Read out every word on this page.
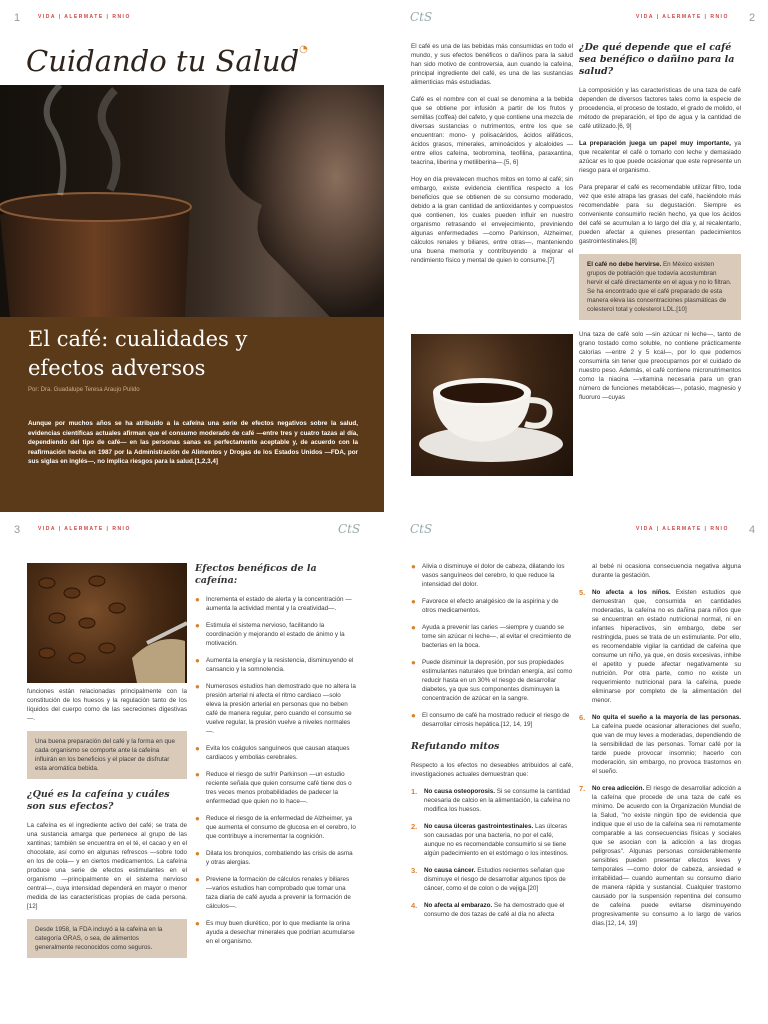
1	VIDA | ALERMATE | RNIO
Cuidando tu Salud◔
El café: cualidades y efectos adversos
Por: Dra. Guadalupe Teresa Araujo Pulido
Aunque por muchos años se ha atribuido a la cafeína una serie de efectos negativos sobre la salud, evidencias científicas actuales afirman que el consumo moderado de café —entre tres y cuatro tazas al día, dependiendo del tipo de café— en las personas sanas es perfectamente aceptable y, de acuerdo con la reafirmación hecha en 1987 por la Administración de Alimentos y Drogas de los Estados Unidos —FDA, por sus siglas en inglés—, no implica riesgos para la salud.[1,2,3,4]
CtS	VIDA | ALERMATE | RNIO 2

El café es una de las bebidas más consumidas en todo el mundo, y sus efectos benéficos o dañinos para la salud han sido motivo de controversia, aun cuando la cafeína, principal ingrediente del café, es una de las sustancias alimenticias más estudiadas.

Café es el nombre con el cual se denomina a la bebida que se obtiene por infusión a partir de los frutos y semillas (coffea) del cafeto, y que contiene una mezcla de diversas sustancias o nutrimentos, entre los que se encuentran: mono- y polisacáridos, ácidos alifáticos, ácidos grasos, minerales, aminoácidos y alcaloides —entre ellos cafeína, teobromina, teofilina, paraxantina, teacrina, liberina y metiliberina—.[5, 6]

Hoy en día prevalecen muchos mitos en torno al café; sin embargo, existe evidencia científica respecto a los beneficios que se obtienen de su consumo moderado, debido a la gran cantidad de antioxidantes y compuestos que contienen, los cuales pueden influir en nuestro organismo retrasando el envejecimiento, previniendo algunas enfermedades —como Parkinson, Alzheimer, cálculos renales y biliares, entre otras—, manteniendo una buena memoria y contribuyendo a mejorar el rendimiento físico y mental de quien lo consume.[7]

¿De qué depende que el café sea benéfico o dañino para la salud?

La composición y las características de una taza de café dependen de diversos factores tales como la especie de procedencia, el proceso de tostado, el grado de molido, el método de preparación, el tipo de agua y la cantidad de café utilizado.[6, 9]

La preparación juega un papel muy importante, ya que recalentar el café o tomarlo con leche y demasiado azúcar es lo que puede ocasionar que este represente un riesgo para el organismo.

Para preparar el café es recomendable utilizar filtro, toda vez que este atrapa las grasas del café, haciéndolo más recomendable para su degustación. Siempre es conveniente consumirlo recién hecho, ya que los ácidos del café se acumulan a lo largo del día y, al recalentarlo, pueden afectar a quienes presentan padecimientos gastrointestinales.[8]

El café no debe hervirse. En México existen grupos de población que todavía acostumbran hervir el café directamente en el agua y no lo filtran. Se ha encontrado que el café preparado de esta manera eleva las concentraciones plasmáticas de colesterol total y colesterol LDL.[10]

Una taza de café solo —sin azúcar ni leche—, tanto de grano tostado como soluble, no contiene prácticamente calorías —entre 2 y 5 kcal—, por lo que podemos consumirla sin tener que preocuparnos por el cuidado de nuestro peso. Además, el café contiene micronutrimentos como la niacina —vitamina necesaria para un gran número de funciones metabólicas—, potasio, magnesio y fluoruro —cuyas

3	VIDA | ALERMATE | RNIO	CtS

funciones están relacionadas principalmente con la constitución de los huesos y la regulación tanto de los líquidos del cuerpo como de las secreciones digestivas—.

Una buena preparación del café y la forma en que cada organismo se comporte ante la cafeína influirán en los beneficios y el placer de disfrutar esta aromática bebida.
¿Qué es la cafeína y cuáles son sus efectos?

La cafeína es el ingrediente activo del café; se trata de una sustancia amarga que pertenece al grupo de las xantinas; también se encuentra en el té, el cacao y en el chocolate, así como en algunas refrescos —sobre todo en los de cola— y en ciertos medicamentos. La cafeína produce una serie de efectos estimulantes en el organismo —principalmente en el sistema nervioso central—, cuya intensidad dependerá en mayor o menor medida de las características propias de cada persona.[12]

Desde 1958, la FDA incluyó a la cafeína en la categoría GRAS, o sea, de alimentos generalmente reconocidos como seguros.
Efectos benéficos de la cafeína:
● Incrementa el estado de alerta y la concentración —aumenta la actividad mental y la creatividad—.
● Estimula el sistema nervioso, facilitando la coordinación y mejorando el estado de ánimo y la motivación.
● Aumenta la energía y la resistencia, disminuyendo el cansancio y la somnolencia.
● Numerosos estudios han demostrado que no altera la presión arterial ni afecta el ritmo cardiaco —solo eleva la presión arterial en personas que no beben café de manera regular, pero cuando el consumo se vuelve regular, la presión vuelve a niveles normales—.
● Evita los coágulos sanguíneos que causan ataques cardiacos y embolias cerebrales.
● Reduce el riesgo de sufrir Parkinson —un estudio reciente señala que quien consume café tiene dos o tres veces menos probabilidades de padecer la enfermedad que quien no lo hace—.
● Reduce el riesgo de la enfermedad de Alzheimer, ya que aumenta el consumo de glucosa en el cerebro, lo que contribuye a incrementar la cognición.
● Dilata los bronquios, combatiendo las crisis de asma y otras alergias.
● Previene la formación de cálculos renales y biliares —varios estudios han comprobado que tomar una taza diaria de café ayuda a prevenir la formación de cálculos—.
● Es muy buen diurético, por lo que mediante la orina ayuda a desechar minerales que podrían acumularse en el organismo.
CtS	VIDA | ALERMATE | RNIO 4
● Alivia o disminuye el dolor de cabeza, dilatando los vasos sanguíneos del cerebro, lo que reduce la intensidad del dolor.
● Favorece el efecto analgésico de la aspirina y de otros medicamentos.
● Ayuda a prevenir las caries —siempre y cuando se tome sin azúcar ni leche—, al evitar el crecimiento de bacterias en la boca.
● Puede disminuir la depresión, por sus propiedades estimulantes naturales que brindan energía, así como reducir hasta en un 30% el riesgo de desarrollar diabetes, ya que sus componentes disminuyen la concentración de azúcar en la sangre.
● El consumo de café ha mostrado reducir el riesgo de desarrollar cirrosis hepática.[12, 14, 19]
Refutando mitos

Respecto a los efectos no deseables atribuidos al café, investigaciones actuales demuestran que:

1.	No causa osteoporosis. Si se consume la cantidad necesaria de calcio en la alimentación, la cafeína no modifica los huesos.
2.	No causa úlceras gastrointestinales. Las úlceras son causadas por una bacteria, no por el café, aunque no es recomendable consumirlo si se tiene algún padecimiento en el estómago o los intestinos.
3.	No causa cáncer. Estudios recientes señalan que disminuye el riesgo de desarrollar algunos tipos de cáncer, como el de colon o de vejiga.[20]
4.	No afecta al embarazo. Se ha demostrado que el consumo de dos tazas de café al día no afecta

al bebé ni ocasiona consecuencia negativa alguna durante la gestación.

5.	No afecta a los niños. Existen estudios que demuestran que, consumida en cantidades moderadas, la cafeína no es dañina para niños que se encuentran en estado nutricional normal, ni en infantes hiperactivos, sin embargo, debe ser restringida, pues se trata de un estimulante. Por ello, es recomendable vigilar la cantidad de cafeína que consume un niño, ya que, en dosis excesivas, inhibe el apetito y puede afectar negativamente su nutrición. Por otra parte, como no existe un requerimiento nutricional para la cafeína, puede eliminarse por completo de la alimentación del menor.
6.	No quita el sueño a la mayoría de las personas. La cafeína puede ocasionar alteraciones del sueño, que van de muy leves a moderadas, dependiendo de la sensibilidad de las personas. Tomar café por la tarde puede provocar insomnio; hacerlo con moderación, sin embargo, no provoca trastornos en el sueño.
7.	No crea adicción. El riesgo de desarrollar adicción a la cafeína que procede de una taza de café es mínimo. De acuerdo con la Organización Mundial de la Salud, "no existe ningún tipo de evidencia que indique que el uso de la cafeína sea ni remotamente comparable a las consecuencias físicas y sociales que se asocian con la adicción a las drogas peligrosas". Algunas personas considerablemente sensibles pueden presentar efectos leves y temporales —como dolor de cabeza, ansiedad e irritabilidad— cuando aumentan su consumo diario de manera rápida y sustancial. Cualquier trastorno causado por la suspensión repentina del consumo de cafeína puede evitarse disminuyendo progresivamente su consumo a lo largo de varios días.[12, 14, 19]
